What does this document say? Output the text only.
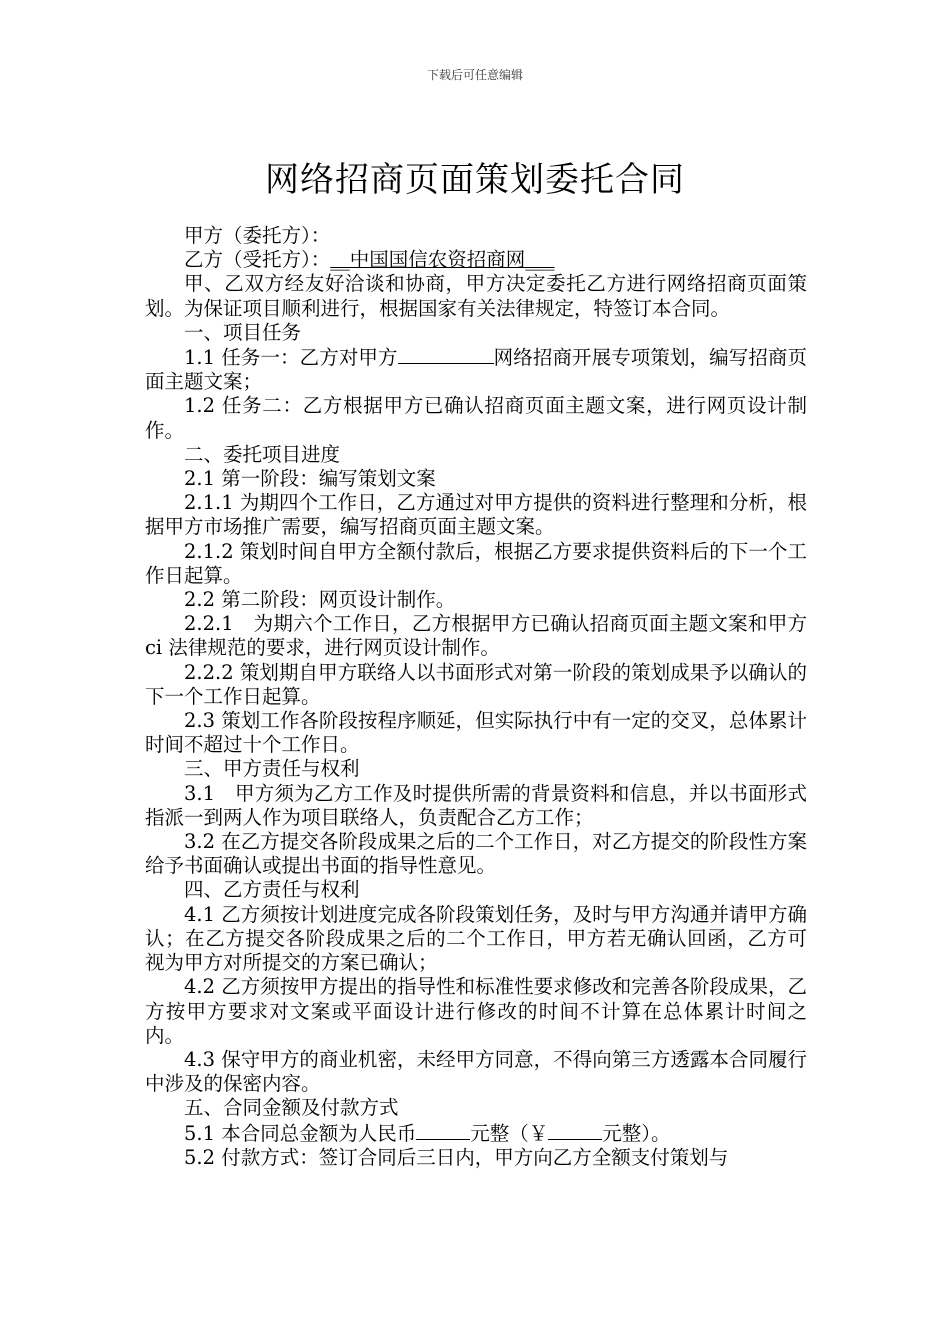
下载后可任意编辑
网络招商页面策划委托合同

甲方（委托方）：

乙方（受托方）：__中国国信农资招商网___

甲、乙双方经友好洽谈和协商，甲方决定委托乙方进行网络招商页面策划。为保证项目顺利进行，根据国家有关法律规定，特签订本合同。

一、项目任务

1.1 任务一：乙方对甲方	网络招商开展专项策划，编写招商页面主题文案；

1.2 任务二：乙方根据甲方已确认招商页面主题文案，进行网页设计制作。

二、委托项目进度

2.1 第一阶段：编写策划文案

2.1.1 为期四个工作日，乙方通过对甲方提供的资料进行整理和分析，根据甲方市场推广需要，编写招商页面主题文案。

2.1.2 策划时间自甲方全额付款后，根据乙方要求提供资料后的下一个工作日起算。

2.2 第二阶段：网页设计制作。

2.2.1　为期六个工作日，乙方根据甲方已确认招商页面主题文案和甲方 ci 法律规范的要求，进行网页设计制作。

2.2.2 策划期自甲方联络人以书面形式对第一阶段的策划成果予以确认的下一个工作日起算。

2.3 策划工作各阶段按程序顺延，但实际执行中有一定的交叉，总体累计时间不超过十个工作日。

三、甲方责任与权利

3.1　甲方须为乙方工作及时提供所需的背景资料和信息，并以书面形式指派一到两人作为项目联络人，负责配合乙方工作；

3.2 在乙方提交各阶段成果之后的二个工作日，对乙方提交的阶段性方案给予书面确认或提出书面的指导性意见。

四、乙方责任与权利

4.1 乙方须按计划进度完成各阶段策划任务，及时与甲方沟通并请甲方确认；在乙方提交各阶段成果之后的二个工作日，甲方若无确认回函，乙方可视为甲方对所提交的方案已确认；

4.2 乙方须按甲方提出的指导性和标准性要求修改和完善各阶段成果，乙方按甲方要求对文案或平面设计进行修改的时间不计算在总体累计时间之内。

4.3 保守甲方的商业机密，未经甲方同意，不得向第三方透露本合同履行中涉及的保密内容。

五、合同金额及付款方式

5.1 本合同总金额为人民币	元整（￥	元整）。

5.2 付款方式：签订合同后三日内，甲方向乙方全额支付策划与
